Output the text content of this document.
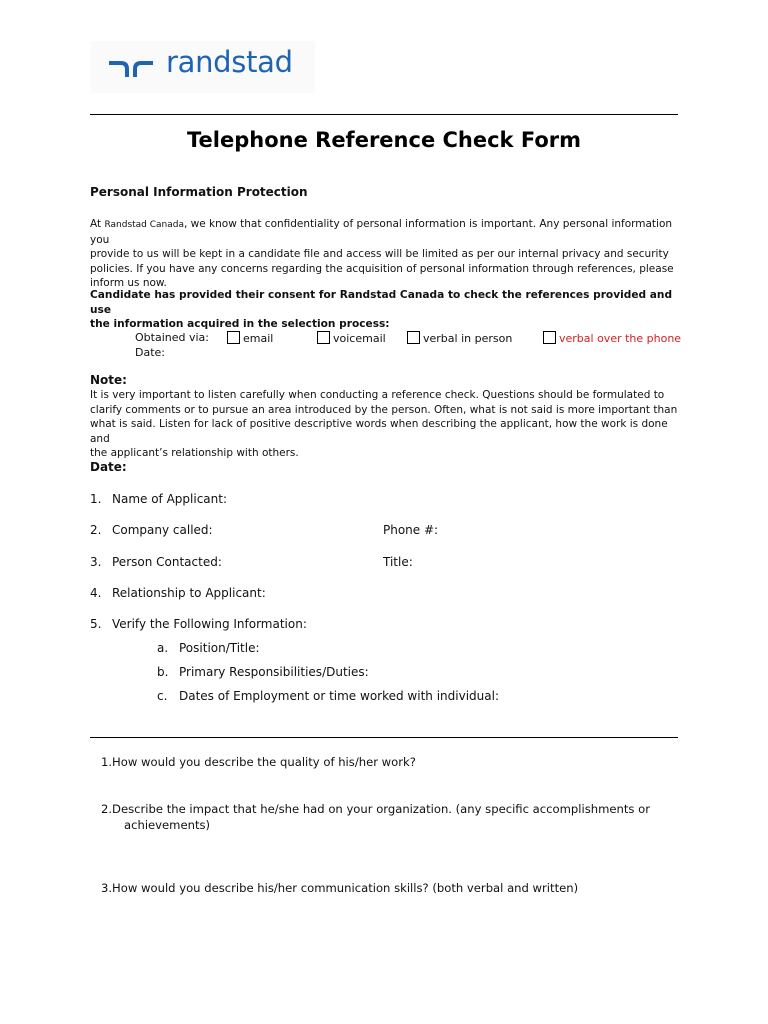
randstad
Telephone Reference Check Form
Personal Information Protection
At Randstad Canada, we know that confidentiality of personal information is important. Any personal information you
provide to us will be kept in a candidate file and access will be limited as per our internal privacy and security
policies. If you have any concerns regarding the acquisition of personal information through references, please
inform us now.
Candidate has provided their consent for Randstad Canada to check the references provided and use
the information acquired in the selection process:
Obtained via:
Date:
email	voicemail	verbal in person	verbal over the phone
Note:
It is very important to listen carefully when conducting a reference check. Questions should be formulated to
clarify comments or to pursue an area introduced by the person. Often, what is not said is more important than
what is said. Listen for lack of positive descriptive words when describing the applicant, how the work is done and
the applicant’s relationship with others.
Date:
1. Name of Applicant:
2. Company called:	Phone #:
3. Person Contacted:	Title:
4. Relationship to Applicant:
5. Verify the Following Information:
a. Position/Title:
b. Primary Responsibilities/Duties:
c. Dates of Employment or time worked with individual:
1.How would you describe the quality of his/her work?
2.Describe the impact that he/she had on your organization. (any specific accomplishments or
achievements)
3.How would you describe his/her communication skills? (both verbal and written)
